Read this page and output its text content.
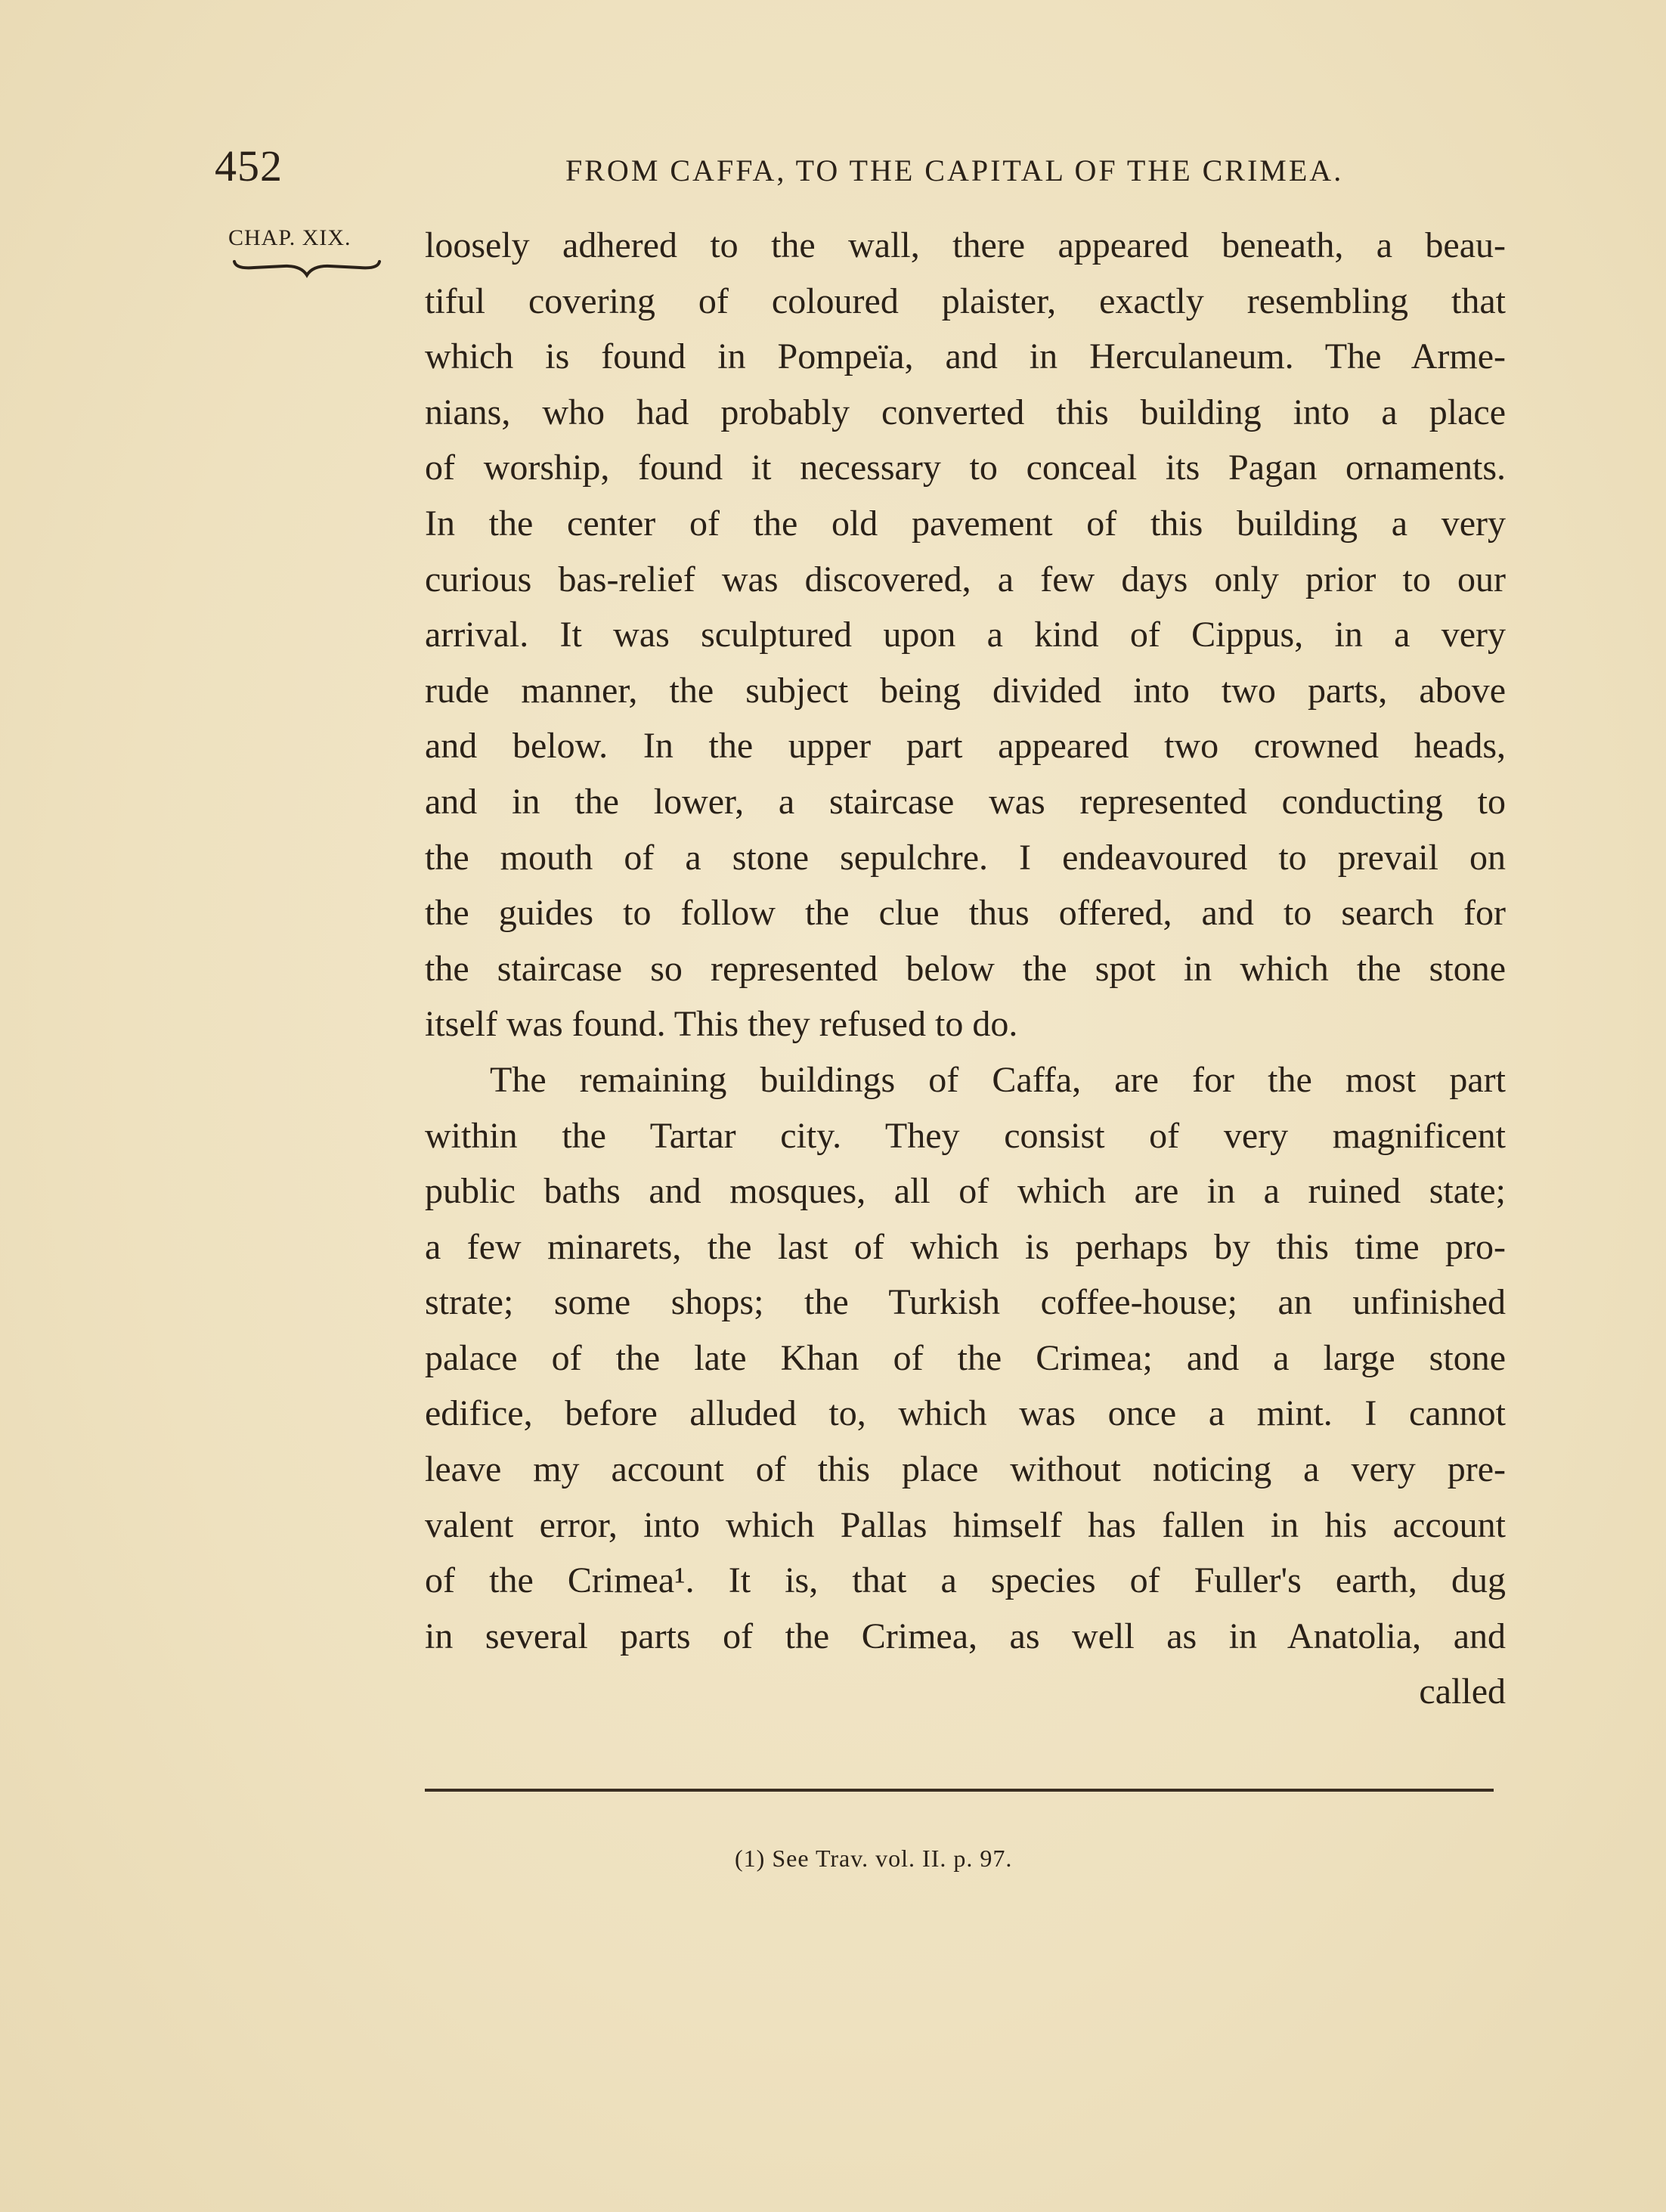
452	FROM CAFFA, TO THE CAPITAL OF THE CRIMEA.
CHAP. XIX. loosely adhered to the wall, there appeared beneath, a beau-
tiful covering of coloured plaister, exactly resembling that
which is found in Pompeïa, and in Herculaneum. The Arme-
nians, who had probably converted this building into a place
of worship, found it necessary to conceal its Pagan ornaments.
In the center of the old pavement of this building a very
curious bas-relief was discovered, a few days only prior to our
arrival. It was sculptured upon a kind of Cippus, in a very
rude manner, the subject being divided into two parts, above
and below. In the upper part appeared two crowned heads,
and in the lower, a staircase was represented conducting to
the mouth of a stone sepulchre. I endeavoured to prevail on
the guides to follow the clue thus offered, and to search for
the staircase so represented below the spot in which the stone
itself was found. This they refused to do.
The remaining buildings of Caffa, are for the most part
within the Tartar city. They consist of very magnificent
public baths and mosques, all of which are in a ruined state;
a few minarets, the last of which is perhaps by this time pro-
strate; some shops; the Turkish coffee-house; an unfinished
palace of the late Khan of the Crimea; and a large stone
edifice, before alluded to, which was once a mint. I cannot
leave my account of this place without noticing a very pre-
valent error, into which Pallas himself has fallen in his account
of the Crimea¹. It is, that a species of Fuller's earth, dug
in several parts of the Crimea, as well as in Anatolia, and
called
(1) See Trav. vol. II. p. 97.
